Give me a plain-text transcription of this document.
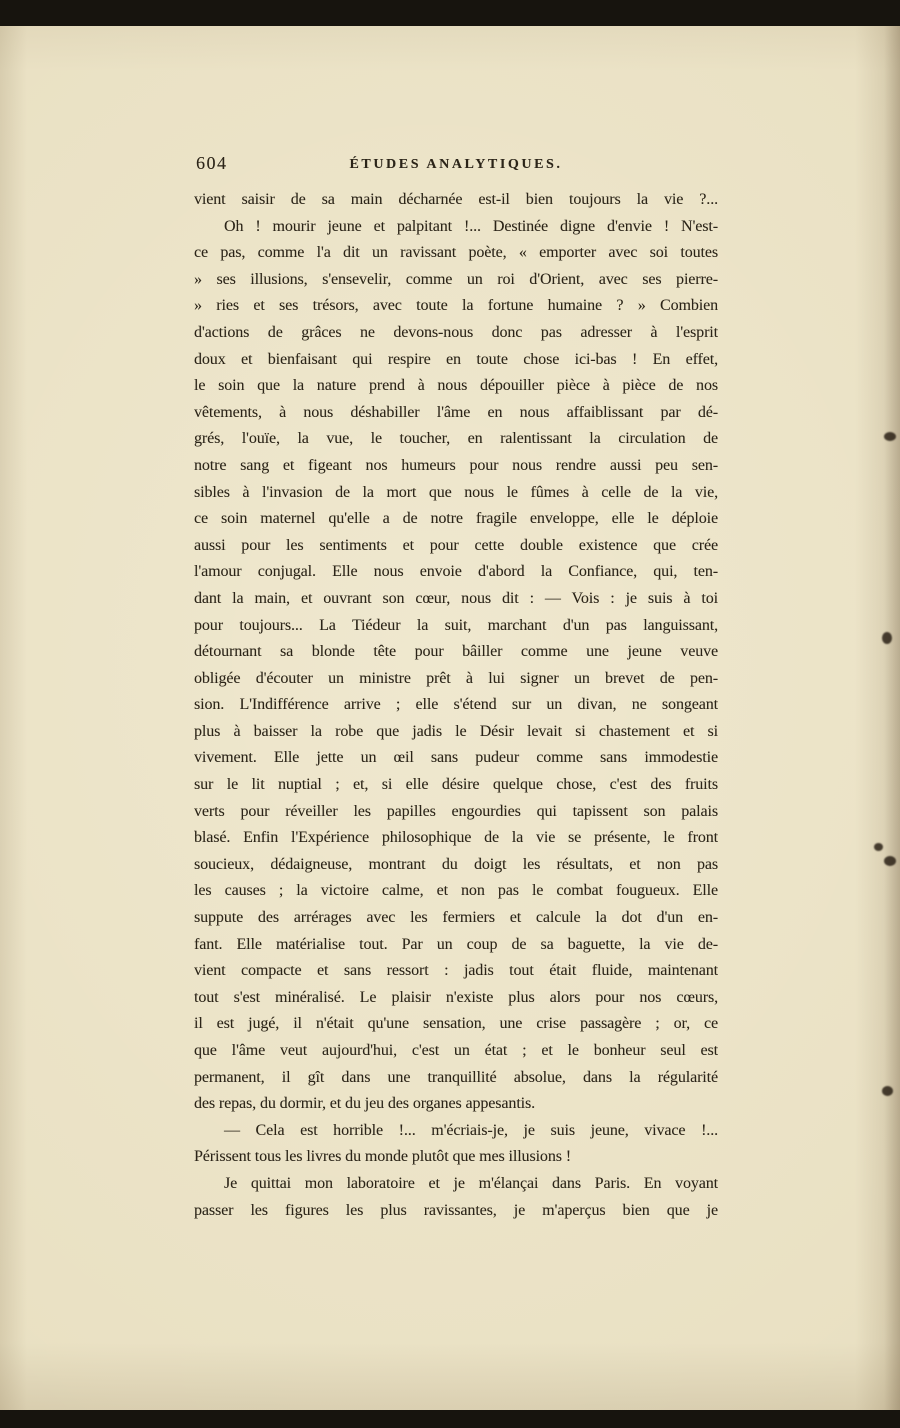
604	ÉTUDES ANALYTIQUES.
vient saisir de sa main décharnée est-il bien toujours la vie ?...
Oh ! mourir jeune et palpitant !... Destinée digne d'envie ! N'est-
ce pas, comme l'a dit un ravissant poète, « emporter avec soi toutes
» ses illusions, s'ensevelir, comme un roi d'Orient, avec ses pierre-
» ries et ses trésors, avec toute la fortune humaine ? » Combien
d'actions de grâces ne devons-nous donc pas adresser à l'esprit
doux et bienfaisant qui respire en toute chose ici-bas ! En effet,
le soin que la nature prend à nous dépouiller pièce à pièce de nos
vêtements, à nous déshabiller l'âme en nous affaiblissant par dé-
grés, l'ouïe, la vue, le toucher, en ralentissant la circulation de
notre sang et figeant nos humeurs pour nous rendre aussi peu sen-
sibles à l'invasion de la mort que nous le fûmes à celle de la vie,
ce soin maternel qu'elle a de notre fragile enveloppe, elle le déploie
aussi pour les sentiments et pour cette double existence que crée
l'amour conjugal. Elle nous envoie d'abord la Confiance, qui, ten-
dant la main, et ouvrant son cœur, nous dit : — Vois : je suis à toi
pour toujours... La Tiédeur la suit, marchant d'un pas languissant,
détournant sa blonde tête pour bâiller comme une jeune veuve
obligée d'écouter un ministre prêt à lui signer un brevet de pen-
sion. L'Indifférence arrive ; elle s'étend sur un divan, ne songeant
plus à baisser la robe que jadis le Désir levait si chastement et si
vivement. Elle jette un œil sans pudeur comme sans immodestie
sur le lit nuptial ; et, si elle désire quelque chose, c'est des fruits
verts pour réveiller les papilles engourdies qui tapissent son palais
blasé. Enfin l'Expérience philosophique de la vie se présente, le front
soucieux, dédaigneuse, montrant du doigt les résultats, et non pas
les causes ; la victoire calme, et non pas le combat fougueux. Elle
suppute des arrérages avec les fermiers et calcule la dot d'un en-
fant. Elle matérialise tout. Par un coup de sa baguette, la vie de-
vient compacte et sans ressort : jadis tout était fluide, maintenant
tout s'est minéralisé. Le plaisir n'existe plus alors pour nos cœurs,
il est jugé, il n'était qu'une sensation, une crise passagère ; or, ce
que l'âme veut aujourd'hui, c'est un état ; et le bonheur seul est
permanent, il gît dans une tranquillité absolue, dans la régularité
des repas, du dormir, et du jeu des organes appesantis.
— Cela est horrible !... m'écriais-je, je suis jeune, vivace !...
Périssent tous les livres du monde plutôt que mes illusions !
Je quittai mon laboratoire et je m'élançai dans Paris. En voyant
passer les figures les plus ravissantes, je m'aperçus bien que je
